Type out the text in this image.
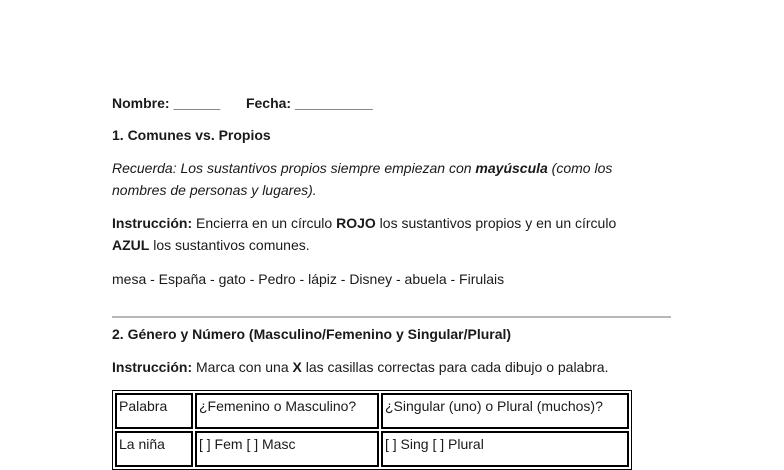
Nombre: ______ Fecha: __________
1. Comunes vs. Propios
Recuerda: Los sustantivos propios siempre empiezan con mayúscula (como los
nombres de personas y lugares).
Instrucción: Encierra en un círculo ROJO los sustantivos propios y en un círculo
AZUL los sustantivos comunes.
mesa - España - gato - Pedro - lápiz - Disney - abuela - Firulais
2. Género y Número (Masculino/Femenino y Singular/Plural)
Instrucción: Marca con una X las casillas correctas para cada dibujo o palabra.
Palabra	¿Femenino o Masculino?	¿Singular (uno) o Plural (muchos)?
La niña	[ ] Fem [ ] Masc	[ ] Sing [ ] Plural
